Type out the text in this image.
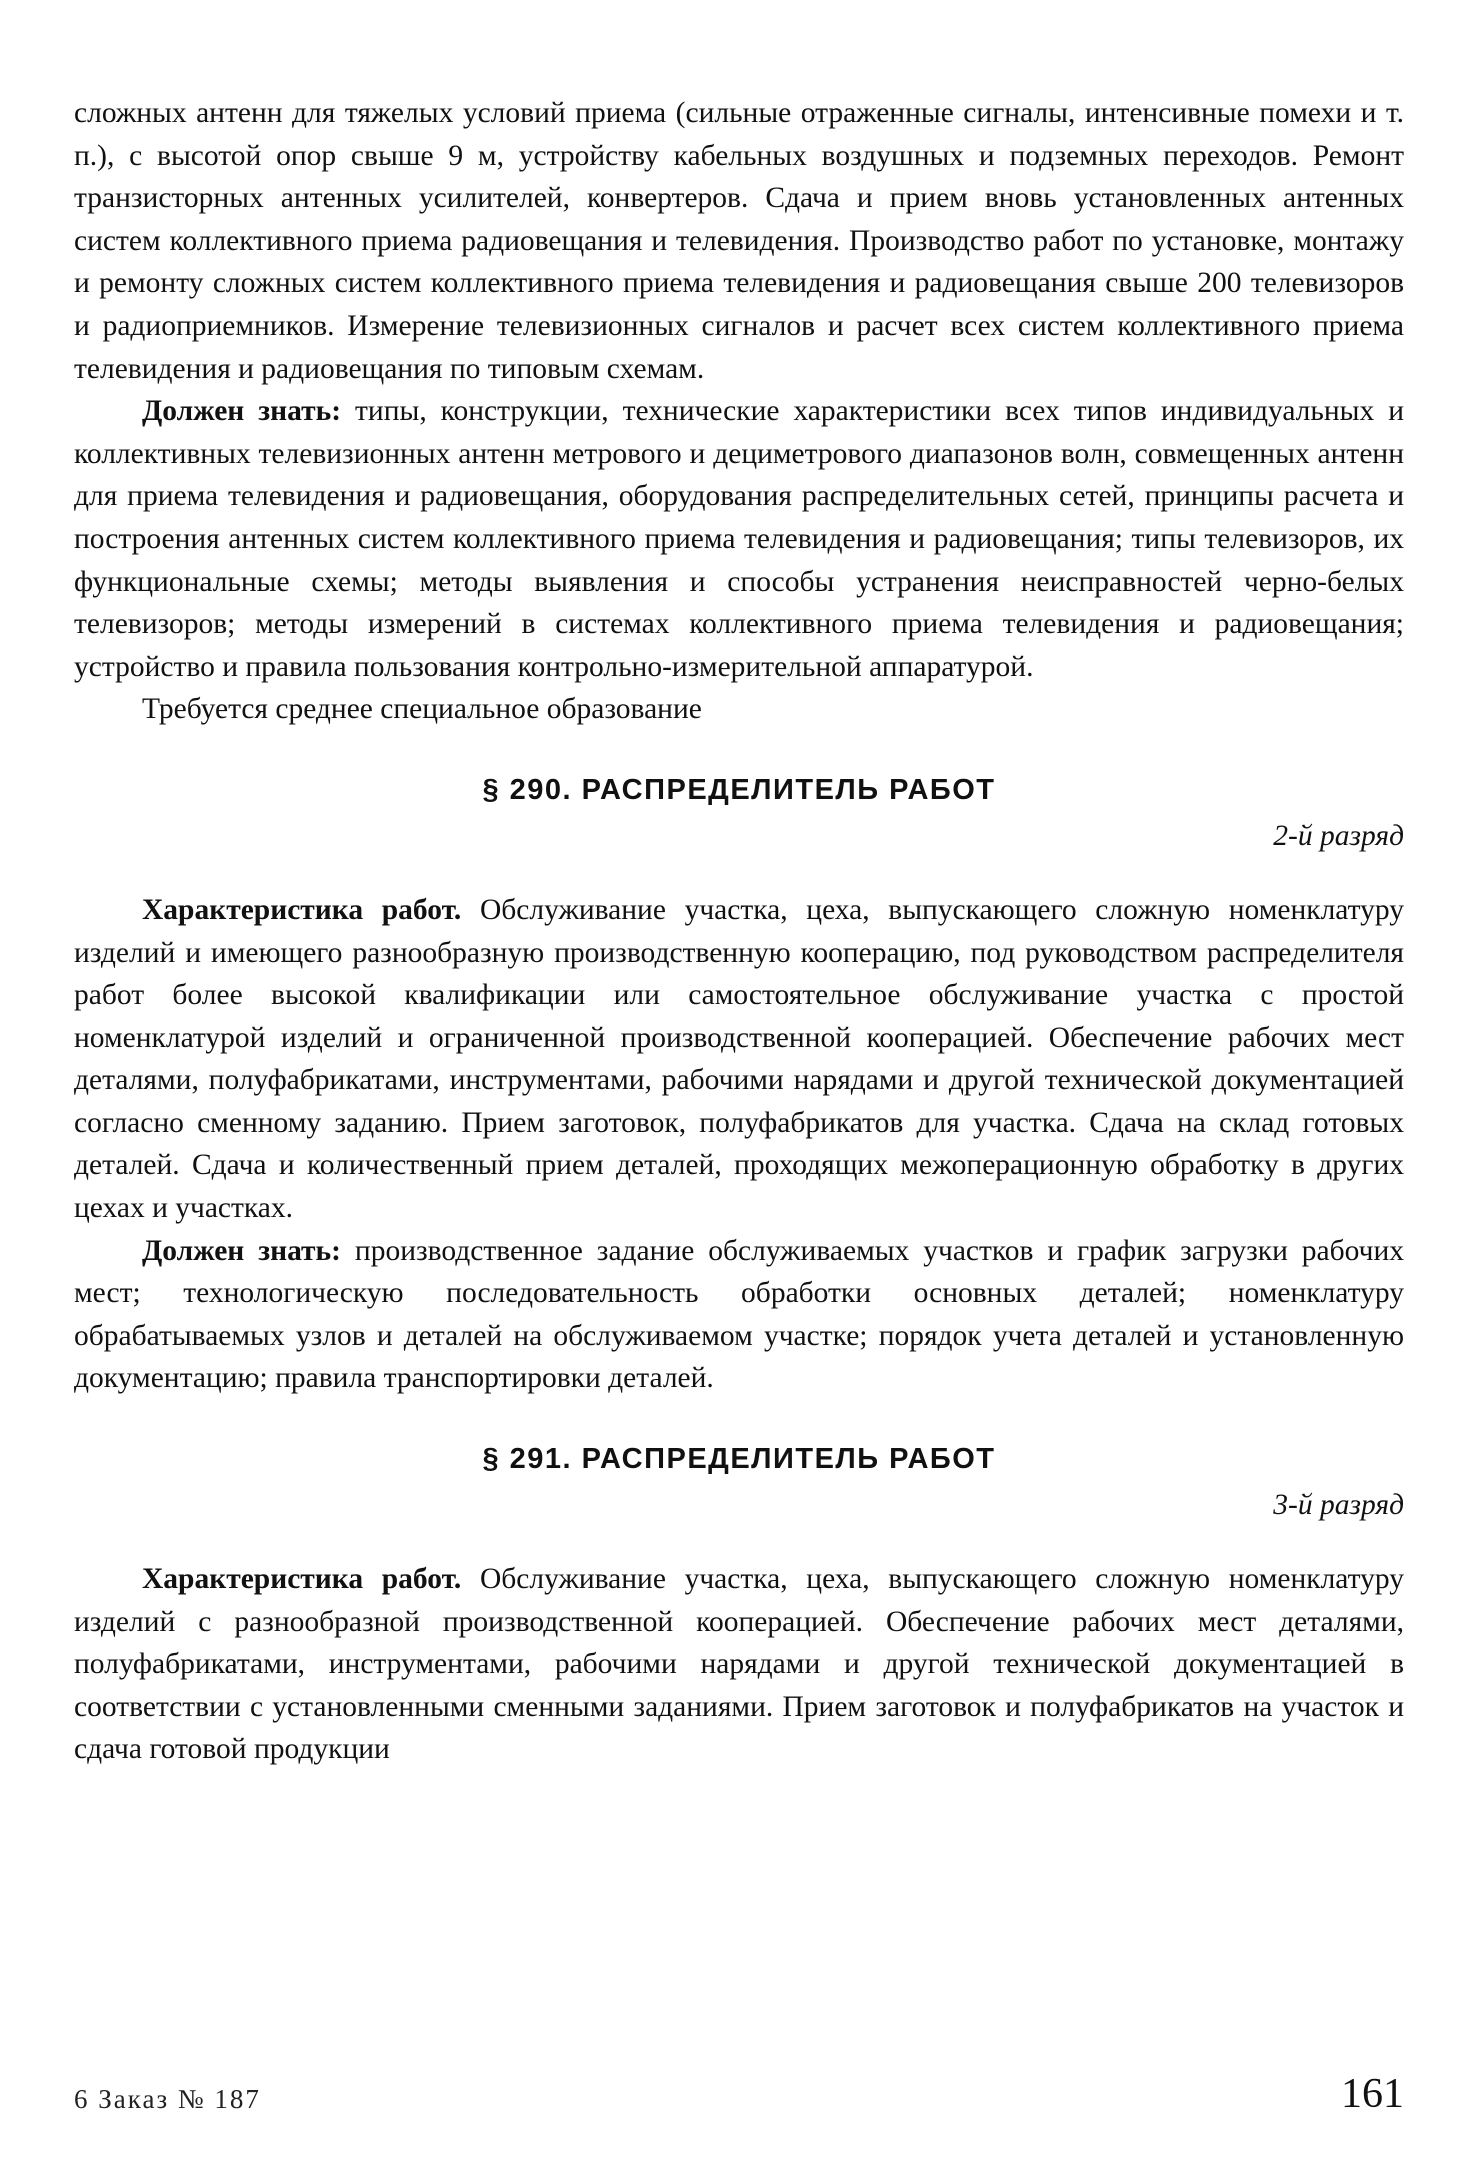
сложных антенн для тяжелых условий приема (сильные отраженные сигналы, интенсивные помехи и т. п.), с высотой опор свыше 9 м, устройству кабельных воздушных и подземных переходов. Ремонт транзисторных антенных усилителей, конвертеров. Сдача и прием вновь установленных антенных систем коллективного приема радиовещания и телевидения. Производство работ по установке, монтажу и ремонту сложных систем коллективного приема телевидения и радиовещания свыше 200 телевизоров и радиоприемников. Измерение телевизионных сигналов и расчет всех систем коллективного приема телевидения и радиовещания по типовым схемам.

Должен знать: типы, конструкции, технические характеристики всех типов индивидуальных и коллективных телевизионных антенн метрового и дециметрового диапазонов волн, совмещенных антенн для приема телевидения и радиовещания, оборудования распределительных сетей, принципы расчета и построения антенных систем коллективного приема телевидения и радиовещания; типы телевизоров, их функциональные схемы; методы выявления и способы устранения неисправностей черно-белых телевизоров; методы измерений в системах коллективного приема телевидения и радиовещания; устройство и правила пользования контрольно-измерительной аппаратурой.

Требуется среднее специальное образование

§ 290. РАСПРЕДЕЛИТЕЛЬ РАБОТ

2-й разряд

Характеристика работ. Обслуживание участка, цеха, выпускающего сложную номенклатуру изделий и имеющего разнообразную производственную кооперацию, под руководством распределителя работ более высокой квалификации или самостоятельное обслуживание участка с простой номенклатурой изделий и ограниченной производственной кооперацией. Обеспечение рабочих мест деталями, полуфабрикатами, инструментами, рабочими нарядами и другой технической документацией согласно сменному заданию. Прием заготовок, полуфабрикатов для участка. Сдача на склад готовых деталей. Сдача и количественный прием деталей, проходящих межоперационную обработку в других цехах и участках.

Должен знать: производственное задание обслуживаемых участков и график загрузки рабочих мест; технологическую последовательность обработки основных деталей; номенклатуру обрабатываемых узлов и деталей на обслуживаемом участке; порядок учета деталей и установленную документацию; правила транспортировки деталей.

§ 291. РАСПРЕДЕЛИТЕЛЬ РАБОТ

3-й разряд

Характеристика работ. Обслуживание участка, цеха, выпускающего сложную номенклатуру изделий с разнообразной производственной кооперацией. Обеспечение рабочих мест деталями, полуфабрикатами, инструментами, рабочими нарядами и другой технической документацией в соответствии с установленными сменными заданиями. Прием заготовок и полуфабрикатов на участок и сдача готовой продукции

6 Заказ № 187	161
